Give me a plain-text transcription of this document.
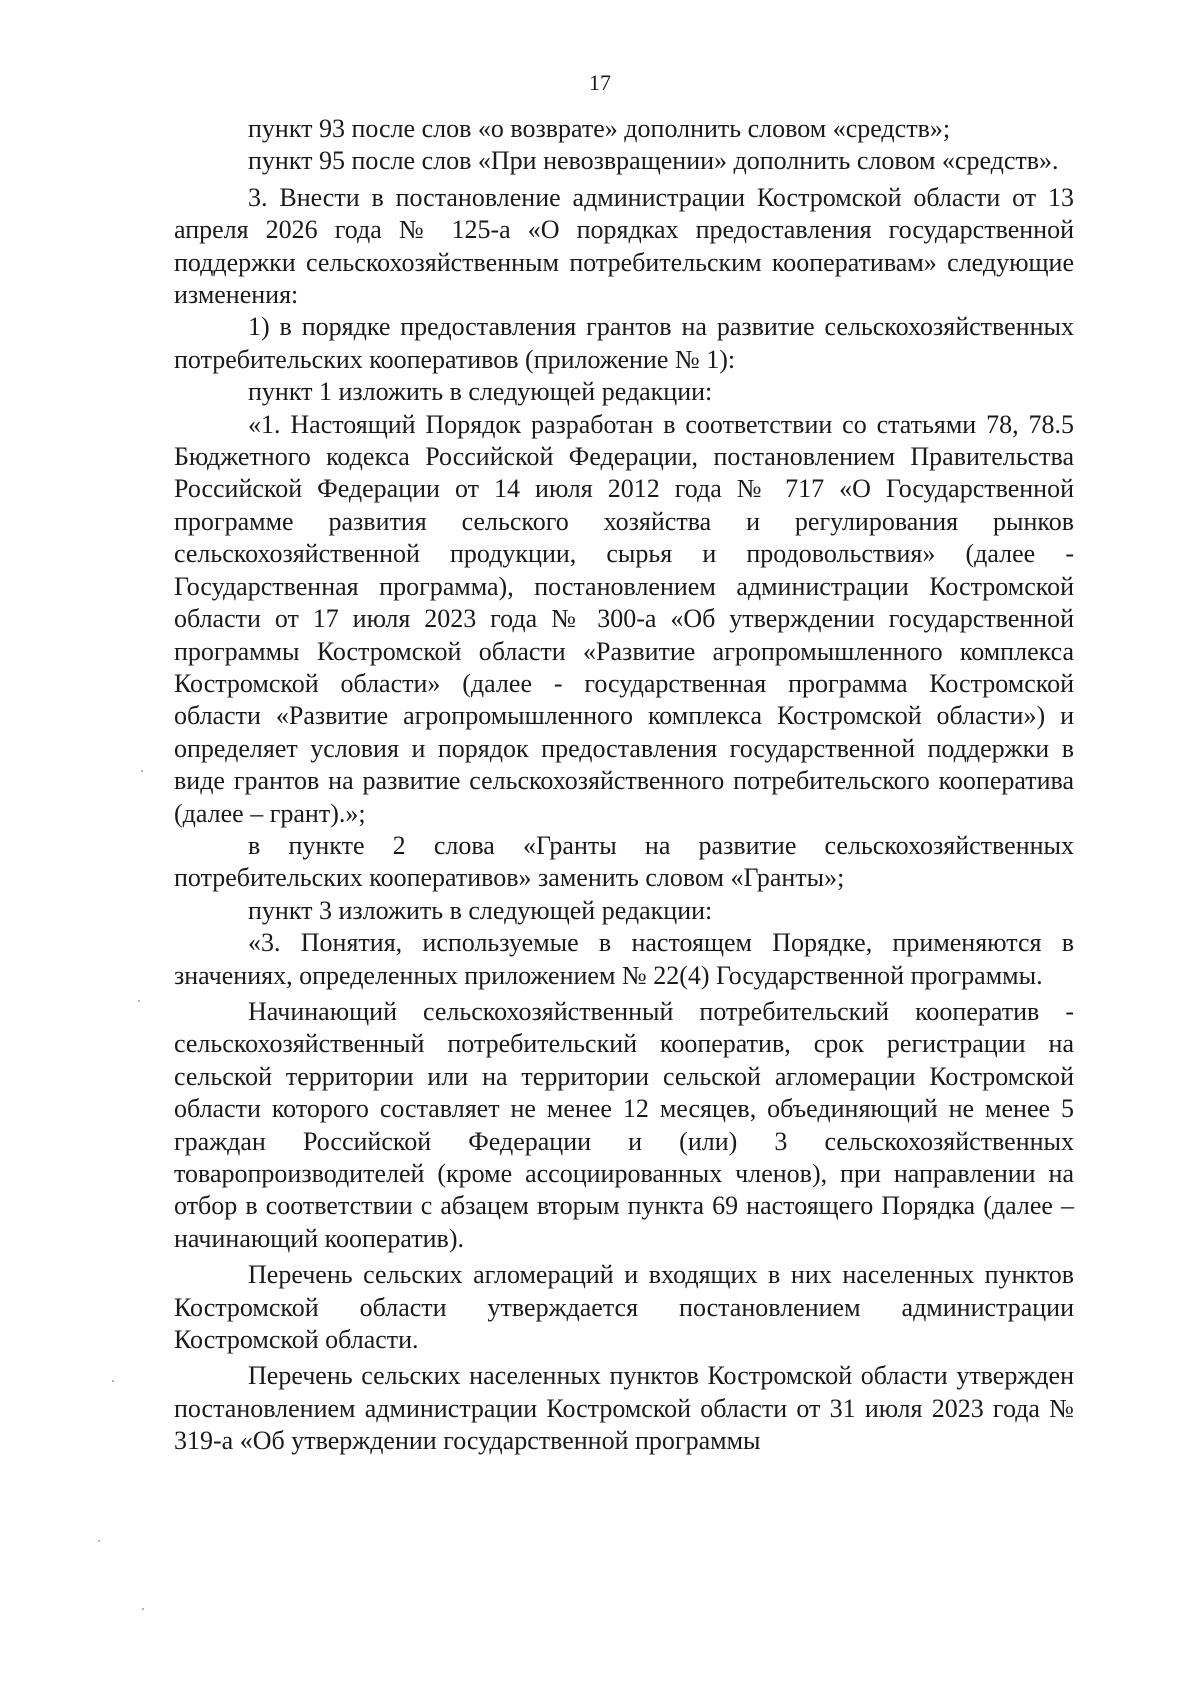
17

пункт 93 после слов «о возврате» дополнить словом «средств»;

пункт 95 после слов «При невозвращении» дополнить словом «средств».

3. Внести в постановление администрации Костромской области от 13 апреля 2026 года № 125-а «О порядках предоставления государственной поддержки сельскохозяйственным потребительским кооперативам» следующие изменения:

1) в порядке предоставления грантов на развитие сельскохозяйственных потребительских кооперативов (приложение № 1):

пункт 1 изложить в следующей редакции:

«1. Настоящий Порядок разработан в соответствии со статьями 78, 78.5 Бюджетного кодекса Российской Федерации, постановлением Правительства Российской Федерации от 14 июля 2012 года № 717 «О Государственной программе развития сельского хозяйства и регулирования рынков сельскохозяйственной продукции, сырья и продовольствия» (далее - Государственная программа), постановлением администрации Костромской области от 17 июля 2023 года № 300-а «Об утверждении государственной программы Костромской области «Развитие агропромышленного комплекса Костромской области» (далее - государственная программа Костромской области «Развитие агропромышленного комплекса Костромской области») и определяет условия и порядок предоставления государственной поддержки в виде грантов на развитие сельскохозяйственного потребительского кооператива (далее – грант).»;

в пункте 2 слова «Гранты на развитие сельскохозяйственных потребительских кооперативов» заменить словом «Гранты»;

пункт 3 изложить в следующей редакции:

«3. Понятия, используемые в настоящем Порядке, применяются в значениях, определенных приложением № 22(4) Государственной программы.

Начинающий сельскохозяйственный потребительский кооператив - сельскохозяйственный потребительский кооператив, срок регистрации на сельской территории или на территории сельской агломерации Костромской области которого составляет не менее 12 месяцев, объединяющий не менее 5 граждан Российской Федерации и (или) 3 сельскохозяйственных товаропроизводителей (кроме ассоциированных членов), при направлении на отбор в соответствии с абзацем вторым пункта 69 настоящего Порядка (далее – начинающий кооператив).

Перечень сельских агломераций и входящих в них населенных пунктов Костромской области утверждается постановлением администрации Костромской области.

Перечень сельских населенных пунктов Костромской области утвержден постановлением администрации Костромской области от 31 июля 2023 года № 319-а «Об утверждении государственной программы
